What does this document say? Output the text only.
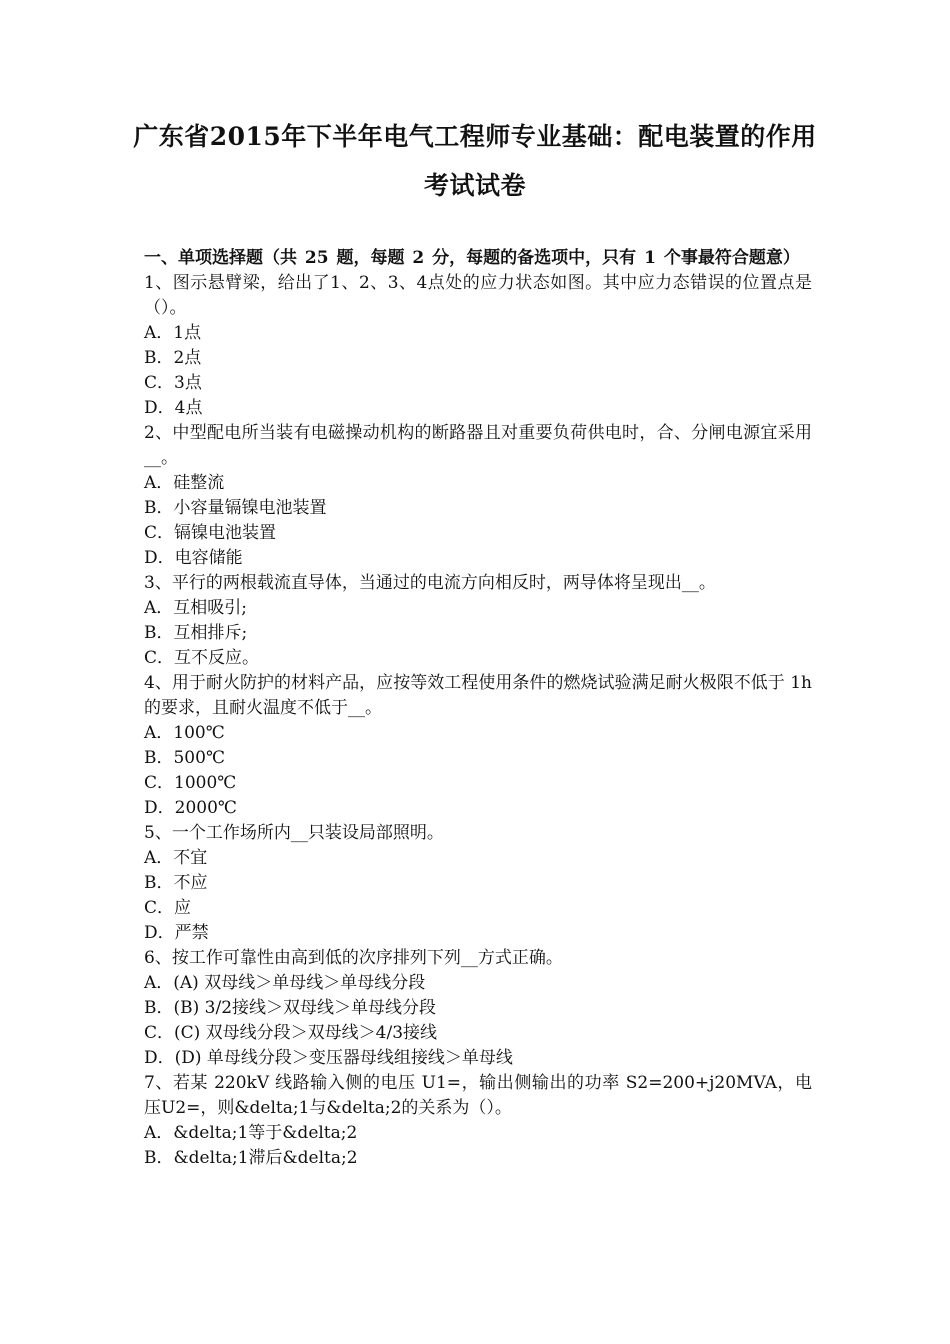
广东省2015年下半年电气工程师专业基础：配电装置的作用考试试卷
一、单项选择题（共 25 题，每题 2 分，每题的备选项中，只有 1 个事最符合题意）
1、图示悬臂梁，给出了1、2、3、4点处的应力状态如图。其中应力态错误的位置点是（）。
A．1点
B．2点
C．3点
D．4点
2、中型配电所当装有电磁操动机构的断路器且对重要负荷供电时，合、分闸电源宜采用__。
A．硅整流
B．小容量镉镍电池装置
C．镉镍电池装置
D．电容储能
3、平行的两根载流直导体，当通过的电流方向相反时，两导体将呈现出__。
A．互相吸引;
B．互相排斥;
C．互不反应。
4、用于耐火防护的材料产品，应按等效工程使用条件的燃烧试验满足耐火极限不低于 1h的要求，且耐火温度不低于__。
A．100℃
B．500℃
C．1000℃
D．2000℃
5、一个工作场所内__只装设局部照明。
A．不宜
B．不应
C．应
D．严禁
6、按工作可靠性由高到低的次序排列下列__方式正确。
A．(A) 双母线＞单母线＞单母线分段
B．(B) 3/2接线＞双母线＞单母线分段
C．(C) 双母线分段＞双母线＞4/3接线
D．(D) 单母线分段＞变压器母线组接线＞单母线
7、若某 220kV 线路输入侧的电压 U1=，输出侧输出的功率 S2=200+j20MVA，电压U2=，则&delta;1与&delta;2的关系为（）。
A．&delta;1等于&delta;2
B．&delta;1滞后&delta;2
